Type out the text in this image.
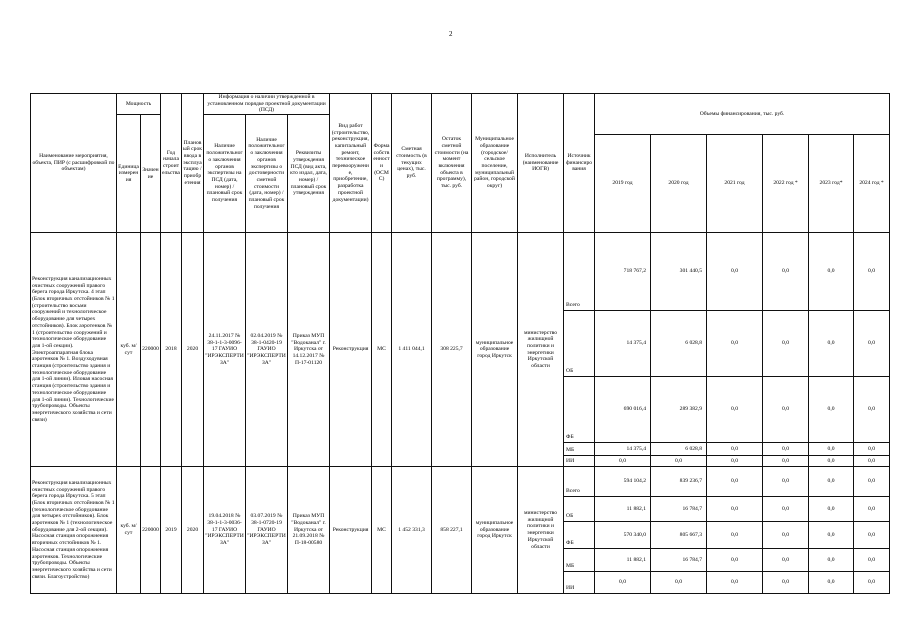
2
Наименование мероприятия, объекта, ПИР (с расшифровкой по объектам)	Мощность		Год начала строительства	Плановый срок ввода в эксплуатацию / приобретения	Информация о наличии утвержденной в установленном порядке проектной документации (ПСД)			Вид работ (строительство, реконструкция, капитальный ремонт, техническое перевооружение, приобретение, разработка проектной документации)	Форма собственности (ОСМС)	Сметная стоимость (в текущих ценах), тыс. руб.	Остаток сметной стоимости (на момент включения объекта в программу), тыс. руб.	Муниципальное образование (городское/сельское поселение, муниципальный район, городской округ)	Исполнитель (наименование ИОГВ)	Источник финансирования	Объемы финансирования, тыс. руб.					
	Единица измерения	Значение			Наличие положительного заключения органов экспертизы на ПСД (дата, номер) / плановый срок получения	Наличие положительного заключения органов экспертизы о достоверности сметной стоимости (дата, номер) / плановый срок получения	Реквизиты утверждения ПСД (вид акта, кто издал, дата, номер) / плановый срок утверждения													
															2019 год	2020 год	2021 год	2022 год *	2023 год*	2024 год *
Реконструкция канализационных очистных сооружений правого берега города Иркутска. 4 этап (Блок вторичных отстойников № 1 (строительство восьми сооружений и технологическое оборудование для четырех отстойников). Блок аэротенков № 1 (строительство сооружений и технологическое оборудование для 1-ой секции). Электроаппаратная блока аэротенков № 1. Воздуходувная станция (строительство здания и технологическое оборудование для 1-ой линии). Иловая насосная станция (строительство здания и технологическое оборудование для 1-ой линии). Технологические трубопроводы. Объекты энергетического хозяйства и сети связи)	куб. м/сут	220000	2018	2020	24.11.2017 № 38-1-1-3-0096-17 ГАУИО "ИРЭКСПЕРТИЗА"	02.04.2019 № 38-1-0420-19 ГАУИО "ИРЭКСПЕРТИЗА"	Приказ МУП "Водоканал" г. Иркутска от 14.12.2017 № П-17-01120	Реконструкция	МС	1 411 044,1	308 225,7	муниципальное образование город Иркутск	министерство жилищной политики и энергетики Иркутской области	Всего	718 767,2	301 440,5	0,0	0,0	0,0	0,0
														ОБ	14 375,4	6 028,8	0,0	0,0	0,0	0,0
														ФБ	690 016,4	289 382,9	0,0	0,0	0,0	0,0
														МБ	14 375,4	6 028,8	0,0	0,0	0,0	0,0
														ИИ	0,0	0,0	0,0	0,0	0,0	0,0
Реконструкция канализационных очистных сооружений правого берега города Иркутска. 5 этап (Блок вторичных отстойников № 1 (технологическое оборудование для четырех отстойников). Блок аэротенков № 1 (технологическое оборудование для 2-ой секции). Насосная станция опорожнения вторичных отстойников № 1. Насосная станция опорожнения аэротенков. Технологические трубопроводы. Объекты энергетического хозяйства и сети связи. Благоустройство)	куб. м/сут	220000	2019	2020	19.04.2018 № 38-1-1-3-0036-17 ГАУИО "ИРЭКСПЕРТИЗА"	03.07.2019 № 38-1-0720-19 ГАУИО "ИРЭКСПЕРТИЗА"	Приказ МУП "Водоканал" г. Иркутска от 21.09.2018 № П-18-00580	Реконструкция	МС	1 452 331,3	858 227,1	муниципальное образование город Иркутск	министерство жилищной политики и энергетики Иркутской области	Всего	594 104,2	839 236,7	0,0	0,0	0,0	0,0
														ОБ	11 882,1	16 784,7	0,0	0,0	0,0	0,0
														ФБ	570 340,0	805 667,3	0,0	0,0	0,0	0,0
														МБ	11 882,1	16 784,7	0,0	0,0	0,0	0,0
														ИИ	0,0	0,0	0,0	0,0	0,0	0,0
